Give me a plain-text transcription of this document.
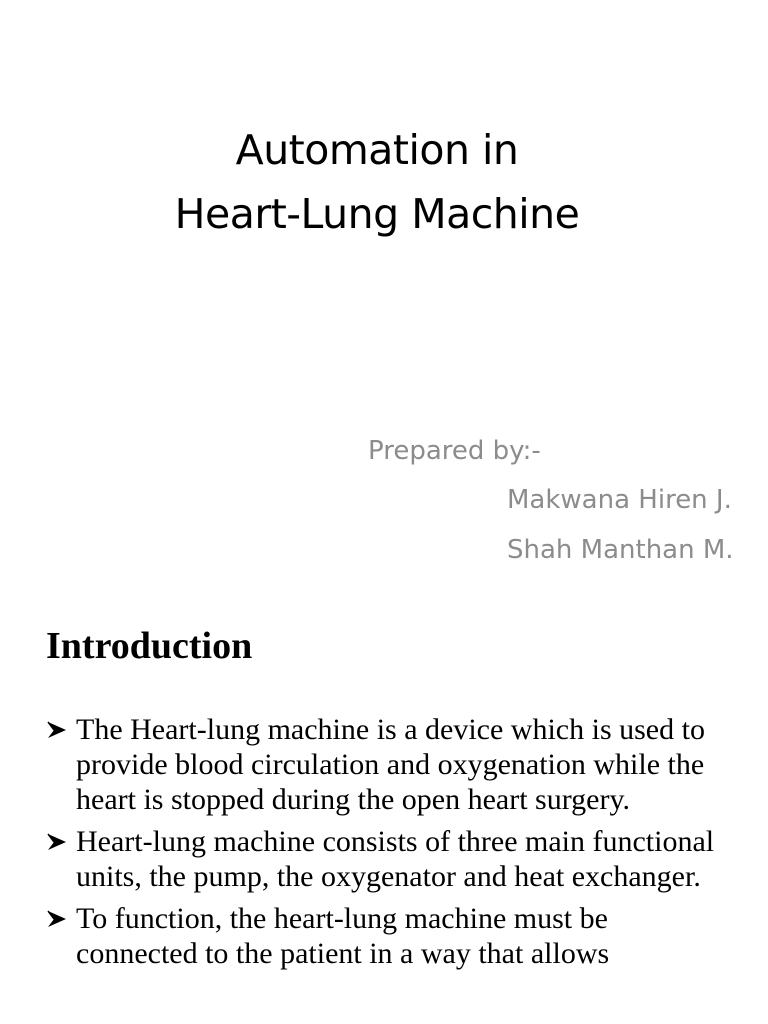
Automation in
Heart-Lung Machine
Prepared by:-
Makwana Hiren J.
Shah Manthan M.
Introduction
The Heart-lung machine is a device which is used to provide blood circulation and oxygenation while the heart is stopped during the open heart surgery.
Heart-lung machine consists of three main functional units, the pump, the oxygenator and heat exchanger.
To function, the heart-lung machine must be connected to the patient in a way that allows
